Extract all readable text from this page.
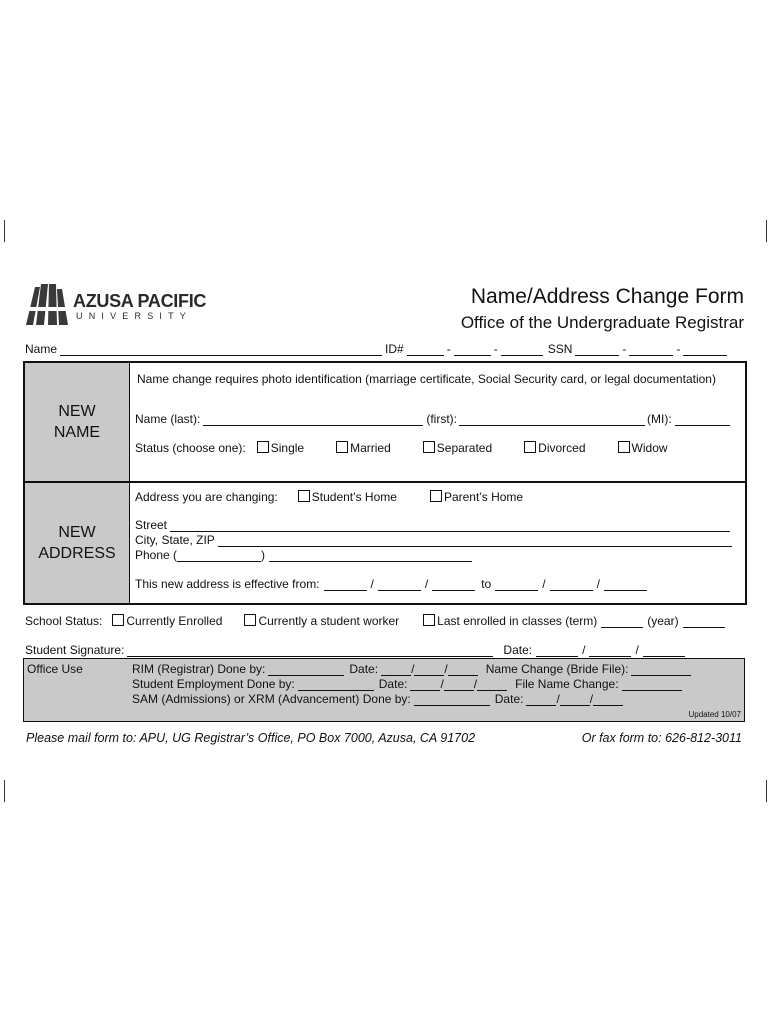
AZUSA PACIFIC
UNIVERSITY
Name/Address Change Form
Office of the Undergraduate Registrar
Name	ID#	-	-	SSN	-	-
NEW NAME
Name change requires photo identification (marriage certificate, Social Security card, or legal documentation)
Name (last):	(first):	(MI):
Status (choose one):	Single	Married	Separated	Divorced	Widow
NEW ADDRESS
Address you are changing:	Student’s Home	Parent’s Home
Street
City, State, ZIP
Phone (	)
This new address is effective from:	/	/	to	/	/
School Status:	Currently Enrolled	Currently a student worker	Last enrolled in classes (term)	(year)
Student Signature:	Date:	/	/
Office Use	RIM (Registrar) Done by:	Date:	/	/	Name Change (Bride File):
Student Employment Done by:	Date:	/	/	File Name Change:
SAM (Admissions) or XRM (Advancement) Done by:	Date:	/	/
Updated 10/07
Please mail form to: APU, UG Registrar’s Office, PO Box 7000, Azusa, CA 91702	Or fax form to: 626-812-3011
